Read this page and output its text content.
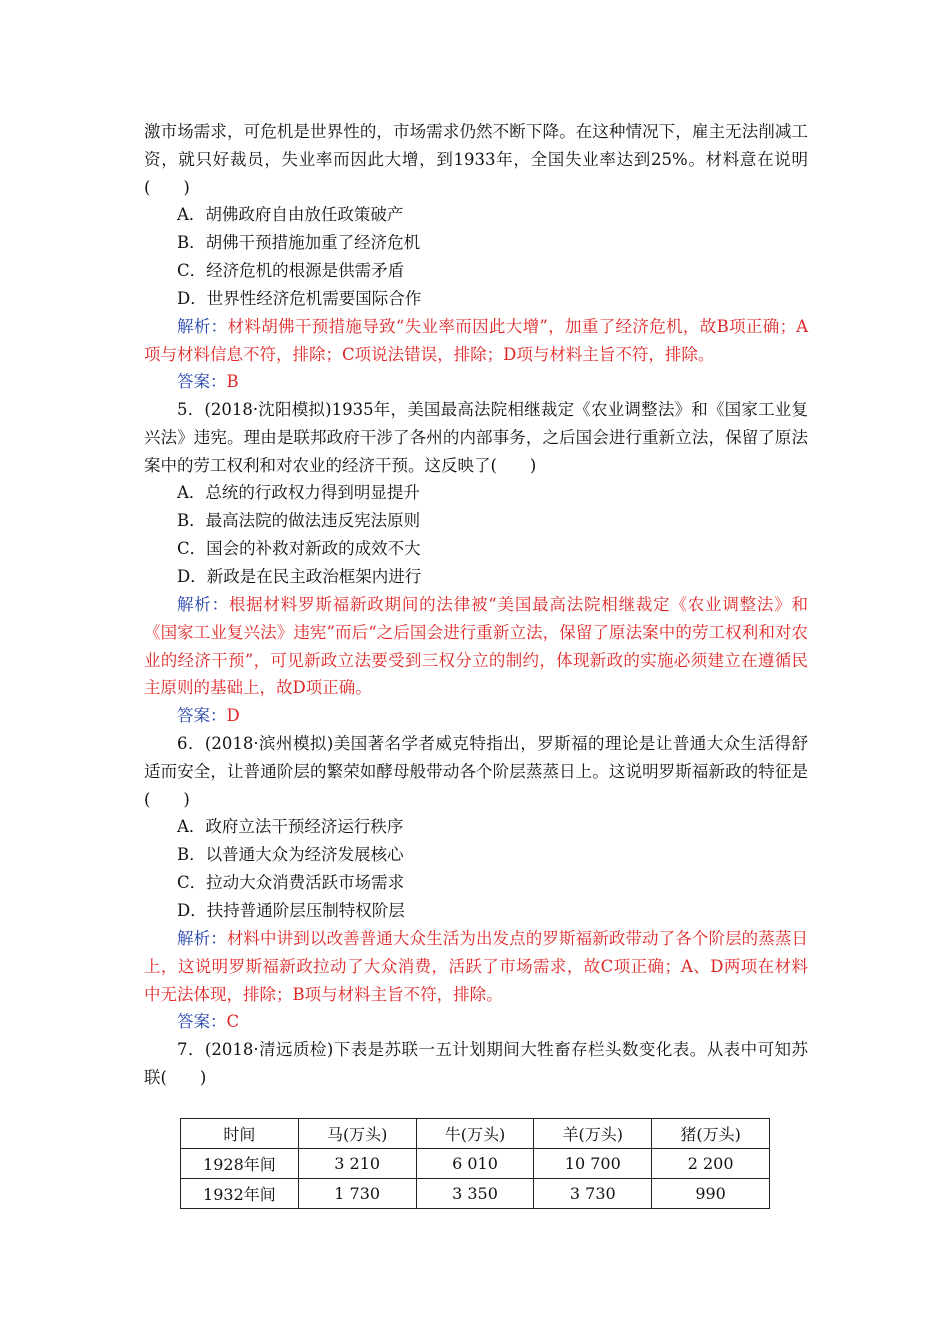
激市场需求，可危机是世界性的，市场需求仍然不断下降。在这种情况下，雇主无法削减工资，就只好裁员，失业率而因此大增，到1933年，全国失业率达到25%。材料意在说明(　　)

A．胡佛政府自由放任政策破产

B．胡佛干预措施加重了经济危机

C．经济危机的根源是供需矛盾

D．世界性经济危机需要国际合作

解析：材料胡佛干预措施导致“失业率而因此大增”，加重了经济危机，故B项正确；A项与材料信息不符，排除；C项说法错误，排除；D项与材料主旨不符，排除。

答案：B

5．(2018·沈阳模拟)1935年，美国最高法院相继裁定《农业调整法》和《国家工业复兴法》违宪。理由是联邦政府干涉了各州的内部事务，之后国会进行重新立法，保留了原法案中的劳工权利和对农业的经济干预。这反映了(　　)

A．总统的行政权力得到明显提升

B．最高法院的做法违反宪法原则

C．国会的补救对新政的成效不大

D．新政是在民主政治框架内进行

解析：根据材料罗斯福新政期间的法律被“美国最高法院相继裁定《农业调整法》和《国家工业复兴法》违宪”而后“之后国会进行重新立法，保留了原法案中的劳工权利和对农业的经济干预”，可见新政立法要受到三权分立的制约，体现新政的实施必须建立在遵循民主原则的基础上，故D项正确。

答案：D

6．(2018·滨州模拟)美国著名学者威克特指出，罗斯福的理论是让普通大众生活得舒适而安全，让普通阶层的繁荣如酵母般带动各个阶层蒸蒸日上。这说明罗斯福新政的特征是(　　)

A．政府立法干预经济运行秩序

B．以普通大众为经济发展核心

C．拉动大众消费活跃市场需求

D．扶持普通阶层压制特权阶层

解析：材料中讲到以改善普通大众生活为出发点的罗斯福新政带动了各个阶层的蒸蒸日上，这说明罗斯福新政拉动了大众消费，活跃了市场需求，故C项正确；A、D两项在材料中无法体现，排除；B项与材料主旨不符，排除。

答案：C

7．(2018·清远质检)下表是苏联一五计划期间大牲畜存栏头数变化表。从表中可知苏联(　　)

时间	马(万头)	牛(万头)	羊(万头)	猪(万头)
1928年间	3 210	6 010	10 700	2 200
1932年间	1 730	3 350	3 730	990
